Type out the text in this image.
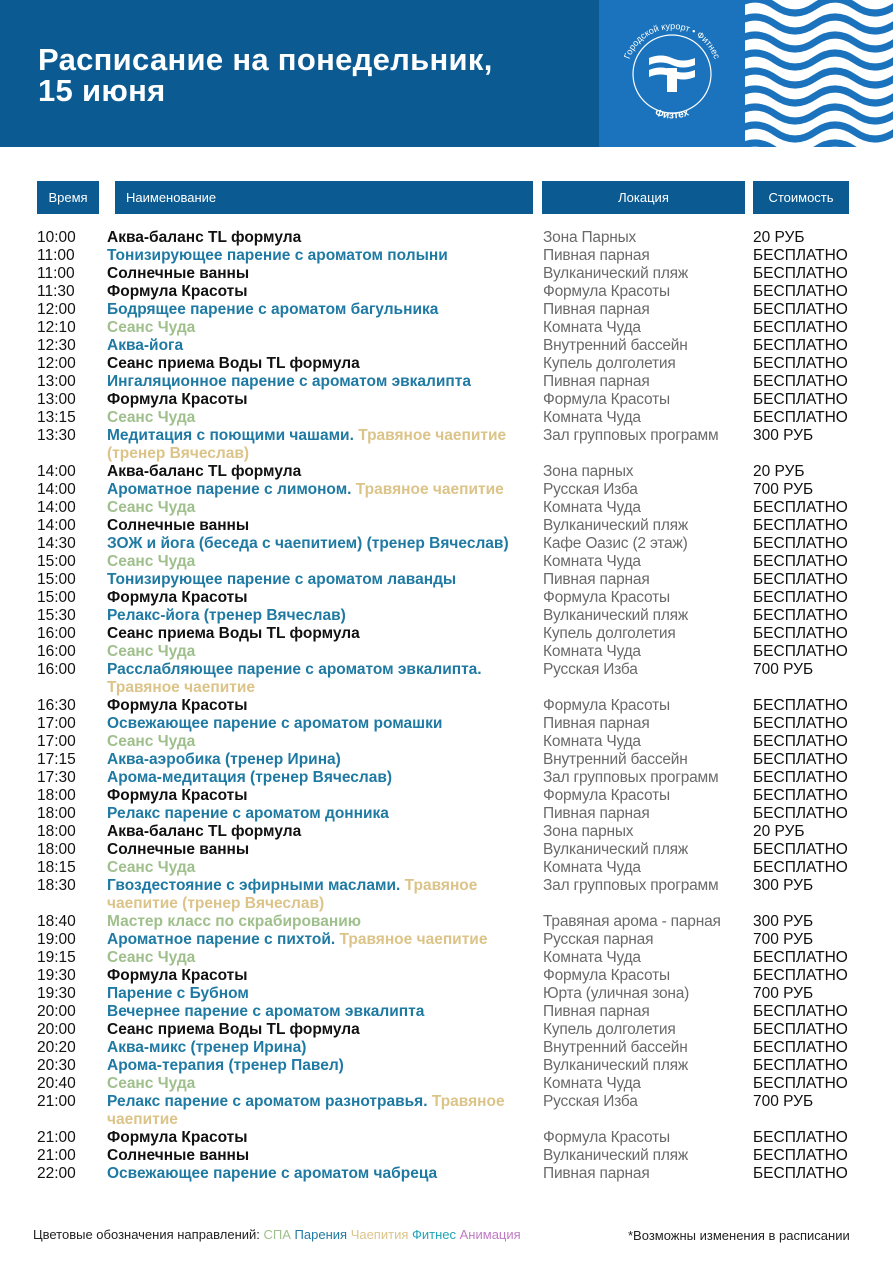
Расписание на понедельник,
15 июня
Городской курорт • Фитнес
Физтех
Время	Наименование	Локация	Стоимость
10:00 Аква-баланс TL формула	Зона Парных	20 РУБ
11:00 Тонизирующее парение с ароматом полыни	Пивная парная	БЕСПЛАТНО
11:00 Солнечные ванны	Вулканический пляж	БЕСПЛАТНО
11:30 Формула Красоты	Формула Красоты	БЕСПЛАТНО
12:00 Бодрящее парение с ароматом багульника	Пивная парная	БЕСПЛАТНО
12:10 Сеанс Чуда	Комната Чуда	БЕСПЛАТНО
12:30 Аква-йога	Внутренний бассейн	БЕСПЛАТНО
12:00 Сеанс приема Воды TL формула	Купель долголетия	БЕСПЛАТНО
13:00 Ингаляционное парение с ароматом эвкалипта	Пивная парная	БЕСПЛАТНО
13:00 Формула Красоты	Формула Красоты	БЕСПЛАТНО
13:15 Сеанс Чуда	Комната Чуда	БЕСПЛАТНО
13:30 Медитация с поющими чашами. Травяное чаепитие	Зал групповых программ 300 РУБ
(тренер Вячеслав)
14:00 Аква-баланс TL формула	Зона парных	20 РУБ
14:00 Ароматное парение с лимоном. Травяное чаепитие	Русская Изба	700 РУБ
14:00 Сеанс Чуда	Комната Чуда	БЕСПЛАТНО
14:00 Солнечные ванны	Вулканический пляж	БЕСПЛАТНО
14:30 ЗОЖ и йога (беседа с чаепитием) (тренер Вячеслав)	Кафе Оазис (2 этаж)	БЕСПЛАТНО
15:00 Сеанс Чуда	Комната Чуда	БЕСПЛАТНО
15:00 Тонизирующее парение с ароматом лаванды	Пивная парная	БЕСПЛАТНО
15:00 Формула Красоты	Формула Красоты	БЕСПЛАТНО
15:30 Релакс-йога (тренер Вячеслав)	Вулканический пляж	БЕСПЛАТНО
16:00 Сеанс приема Воды TL формула	Купель долголетия	БЕСПЛАТНО
16:00 Сеанс Чуда	Комната Чуда	БЕСПЛАТНО
16:00 Расслабляющее парение с ароматом эвкалипта.	Русская Изба	700 РУБ
Травяное чаепитие
16:30 Формула Красоты	Формула Красоты	БЕСПЛАТНО
17:00 Освежающее парение с ароматом ромашки	Пивная парная	БЕСПЛАТНО
17:00 Сеанс Чуда	Комната Чуда	БЕСПЛАТНО
17:15 Аква-аэробика (тренер Ирина)	Внутренний бассейн	БЕСПЛАТНО
17:30 Арома-медитация (тренер Вячеслав)	Зал групповых программ БЕСПЛАТНО
18:00 Формула Красоты	Формула Красоты	БЕСПЛАТНО
18:00 Релакс парение с ароматом донника	Пивная парная	БЕСПЛАТНО
18:00 Аква-баланс TL формула	Зона парных	20 РУБ
18:00 Солнечные ванны	Вулканический пляж	БЕСПЛАТНО
18:15 Сеанс Чуда	Комната Чуда	БЕСПЛАТНО
18:30 Гвоздестояние с эфирными маслами. Травяное	Зал групповых программ 300 РУБ
чаепитие (тренер Вячеслав)
18:40 Мастер класс по скрабированию	Травяная арома - парная 300 РУБ
19:00 Ароматное парение с пихтой. Травяное чаепитие	Русская парная	700 РУБ
19:15 Сеанс Чуда	Комната Чуда	БЕСПЛАТНО
19:30 Формула Красоты	Формула Красоты	БЕСПЛАТНО
19:30 Парение с Бубном	Юрта (уличная зона)	700 РУБ
20:00 Вечернее парение с ароматом эвкалипта	Пивная парная	БЕСПЛАТНО
20:00 Сеанс приема Воды TL формула	Купель долголетия	БЕСПЛАТНО
20:20 Аква-микс (тренер Ирина)	Внутренний бассейн	БЕСПЛАТНО
20:30 Арома-терапия (тренер Павел)	Вулканический пляж	БЕСПЛАТНО
20:40 Сеанс Чуда	Комната Чуда	БЕСПЛАТНО
21:00 Релакс парение с ароматом разнотравья. Травяное	Русская Изба	700 РУБ
чаепитие
21:00 Формула Красоты	Формула Красоты	БЕСПЛАТНО
21:00 Солнечные ванны	Вулканический пляж	БЕСПЛАТНО
22:00 Освежающее парение с ароматом чабреца	Пивная парная	БЕСПЛАТНО
Цветовые обозначения направлений: СПА Парения Чаепития Фитнес Анимация	*Возможны изменения в расписании
